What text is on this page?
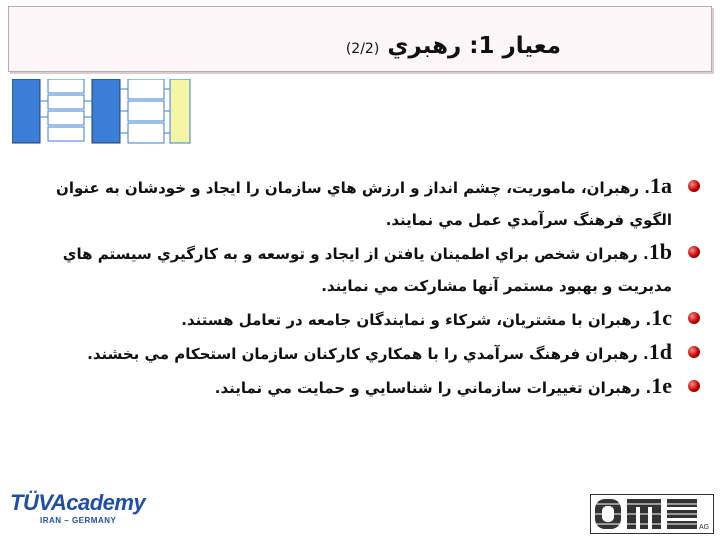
معيار 1: رهبري (2/2)
1a. رهبران، ماموريت، چشم انداز و ارزش هاي سازمان را ايجاد و خودشان به عنوان
الگوي فرهنگ سرآمدي عمل مي نمايند.
1b. رهبران شخص براي اطمينان يافتن از ايجاد و توسعه و به كارگيري سيستم هاي
مديريت و بهبود مستمر آنها مشاركت مي نمايند.
1c. رهبران با مشتريان، شركاء و نمايندگان جامعه در تعامل هستند.
1d. رهبران فرهنگ سرآمدي را با همكاري كاركنان سازمان استحكام مي بخشند.
1e. رهبران تغييرات سازماني را شناسايي و حمايت مي نمايند.
TÜVAcademy
IRAN – GERMANY
AG
